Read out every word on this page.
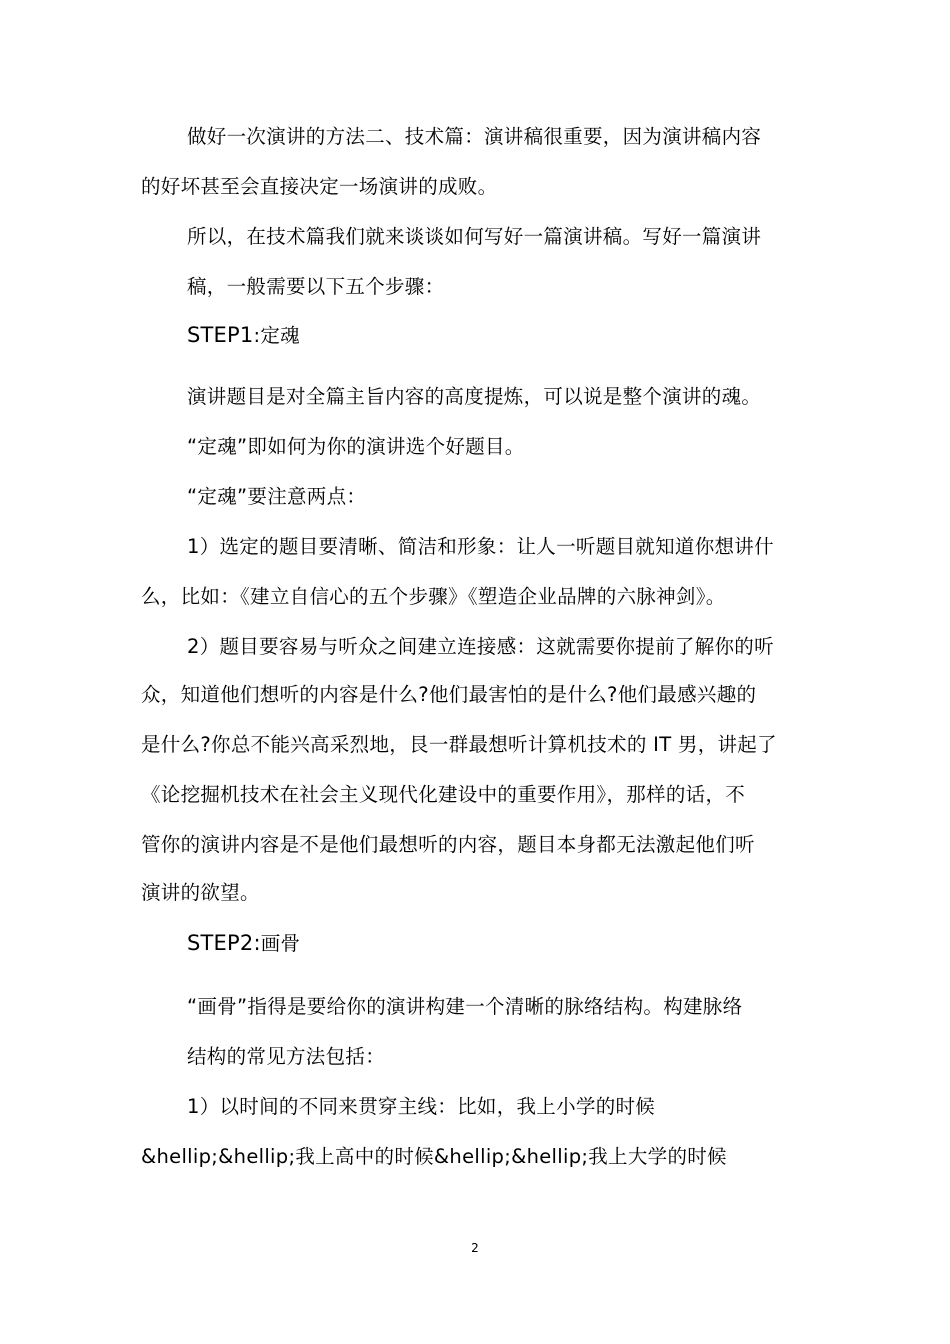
做好一次演讲的方法二、技术篇：演讲稿很重要，因为演讲稿内容
的好坏甚至会直接决定一场演讲的成败。
所以，在技术篇我们就来谈谈如何写好一篇演讲稿。写好一篇演讲
稿，一般需要以下五个步骤：
STEP1:定魂
演讲题目是对全篇主旨内容的高度提炼，可以说是整个演讲的魂。
“定魂”即如何为你的演讲选个好题目。
“定魂”要注意两点：
1）选定的题目要清晰、简洁和形象：让人一听题目就知道你想讲什
么，比如：《建立自信心的五个步骤》《塑造企业品牌的六脉神剑》。
2）题目要容易与听众之间建立连接感：这就需要你提前了解你的听
众，知道他们想听的内容是什么?他们最害怕的是什么?他们最感兴趣的
是什么?你总不能兴高采烈地，艮一群最想听计算机技术的 IT 男，讲起了
《论挖掘机技术在社会主义现代化建设中的重要作用》，那样的话，不
管你的演讲内容是不是他们最想听的内容，题目本身都无法激起他们听
演讲的欲望。
STEP2:画骨
“画骨”指得是要给你的演讲构建一个清晰的脉络结构。构建脉络
结构的常见方法包括：
1）以时间的不同来贯穿主线：比如，我上小学的时候
&hellip;&hellip;我上高中的时候&hellip;&hellip;我上大学的时候
2
